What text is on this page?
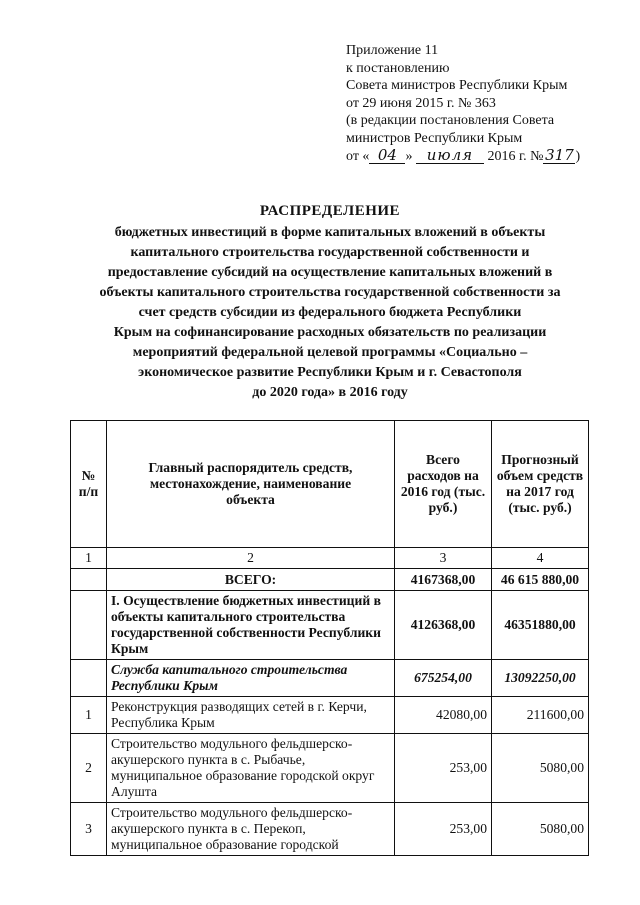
Приложение 11
к постановлению
Совета министров Республики Крым
от 29 июня 2015 г. № 363
(в редакции постановления Совета
министров Республики Крым
от « 04 » июля 2016 г. № 317 )
РАСПРЕДЕЛЕНИЕ
бюджетных инвестиций в форме капитальных вложений в объекты
капитального строительства государственной собственности и
предоставление субсидий на осуществление капитальных вложений в
объекты капитального строительства государственной собственности за
счет средств субсидии из федерального бюджета Республики
Крым на софинансирование расходных обязательств по реализации
мероприятий федеральной целевой программы «Социально –
экономическое развитие Республики Крым и г. Севастополя
до 2020 года» в 2016 году
№ п/п	Главный распорядитель средств, местонахождение, наименование объекта	Всего расходов на 2016 год (тыс. руб.)	Прогнозный объем средств на 2017 год (тыс. руб.)
1	2	3	4
	ВСЕГО:	4167368,00	46 615 880,00
	I. Осуществление бюджетных инвестиций в объекты капитального строительства государственной собственности Республики Крым	4126368,00	46351880,00
	Служба капитального строительства Республики Крым	675254,00	13092250,00
1	Реконструкция разводящих сетей в г. Керчи, Республика Крым	42080,00	211600,00
2	Строительство модульного фельдшерско-акушерского пункта в с. Рыбачье, муниципальное образование городской округ Алушта	253,00	5080,00
3	Строительство модульного фельдшерско-акушерского пункта в с. Перекоп, муниципальное образование городской	253,00	5080,00
